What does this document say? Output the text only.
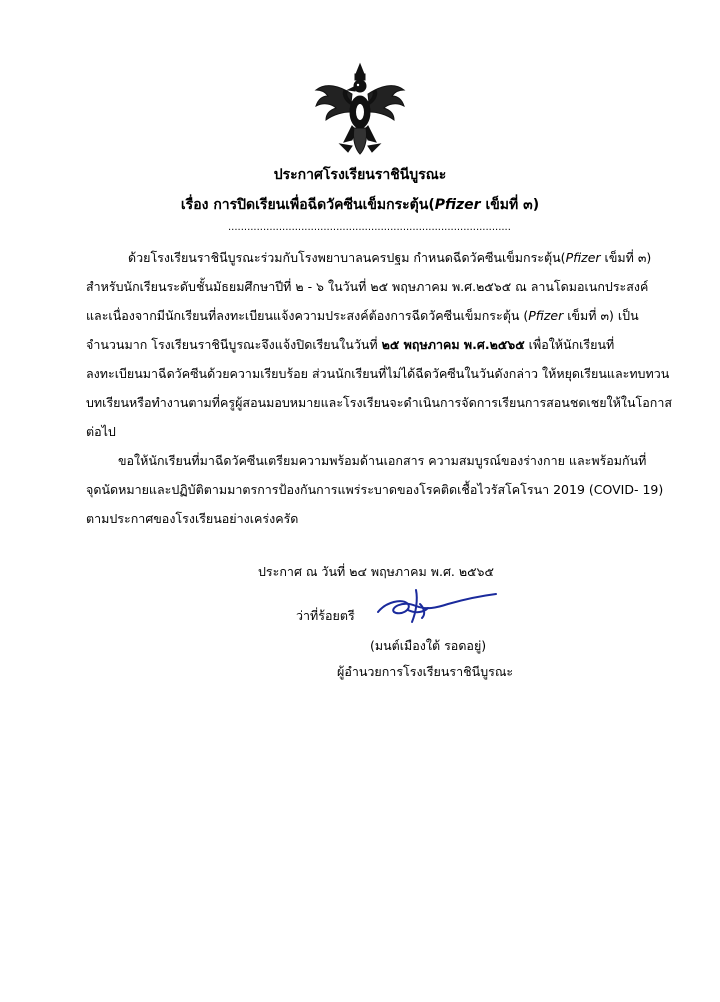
ประกาศโรงเรียนราชินีบูรณะ
เรื่อง การปิดเรียนเพื่อฉีดวัคซีนเข็มกระตุ้น(Pfizer เข็มที่ ๓)
.........................................................................................
ด้วยโรงเรียนราชินีบูรณะร่วมกับโรงพยาบาลนครปฐม กำหนดฉีดวัคซีนเข็มกระตุ้น(Pfizer เข็มที่ ๓)
สำหรับนักเรียนระดับชั้นมัธยมศึกษาปีที่ ๒ - ๖ ในวันที่ ๒๕ พฤษภาคม พ.ศ.๒๕๖๕ ณ ลานโดมอเนกประสงค์
และเนื่องจากมีนักเรียนที่ลงทะเบียนแจ้งความประสงค์ต้องการฉีดวัคซีนเข็มกระตุ้น (Pfizer เข็มที่ ๓) เป็น
จำนวนมาก โรงเรียนราชินีบูรณะจึงแจ้งปิดเรียนในวันที่ ๒๕ พฤษภาคม พ.ศ.๒๕๖๕ เพื่อให้นักเรียนที่
ลงทะเบียนมาฉีดวัคซีนด้วยความเรียบร้อย ส่วนนักเรียนที่ไม่ได้ฉีดวัคซีนในวันดังกล่าว ให้หยุดเรียนและทบทวน
บทเรียนหรือทำงานตามที่ครูผู้สอนมอบหมายและโรงเรียนจะดำเนินการจัดการเรียนการสอนชดเชยให้ในโอกาส
ต่อไป
ขอให้นักเรียนที่มาฉีดวัคซีนเตรียมความพร้อมด้านเอกสาร ความสมบูรณ์ของร่างกาย และพร้อมกันที่
จุดนัดหมายและปฏิบัติตามมาตรการป้องกันการแพร่ระบาดของโรคติดเชื้อไวรัสโคโรนา 2019 (COVID- 19)
ตามประกาศของโรงเรียนอย่างเคร่งครัด
ประกาศ ณ วันที่ ๒๔ พฤษภาคม พ.ศ. ๒๕๖๕
ว่าที่ร้อยตรี
(มนต์เมืองใต้ รอดอยู่)
ผู้อำนวยการโรงเรียนราชินีบูรณะ
